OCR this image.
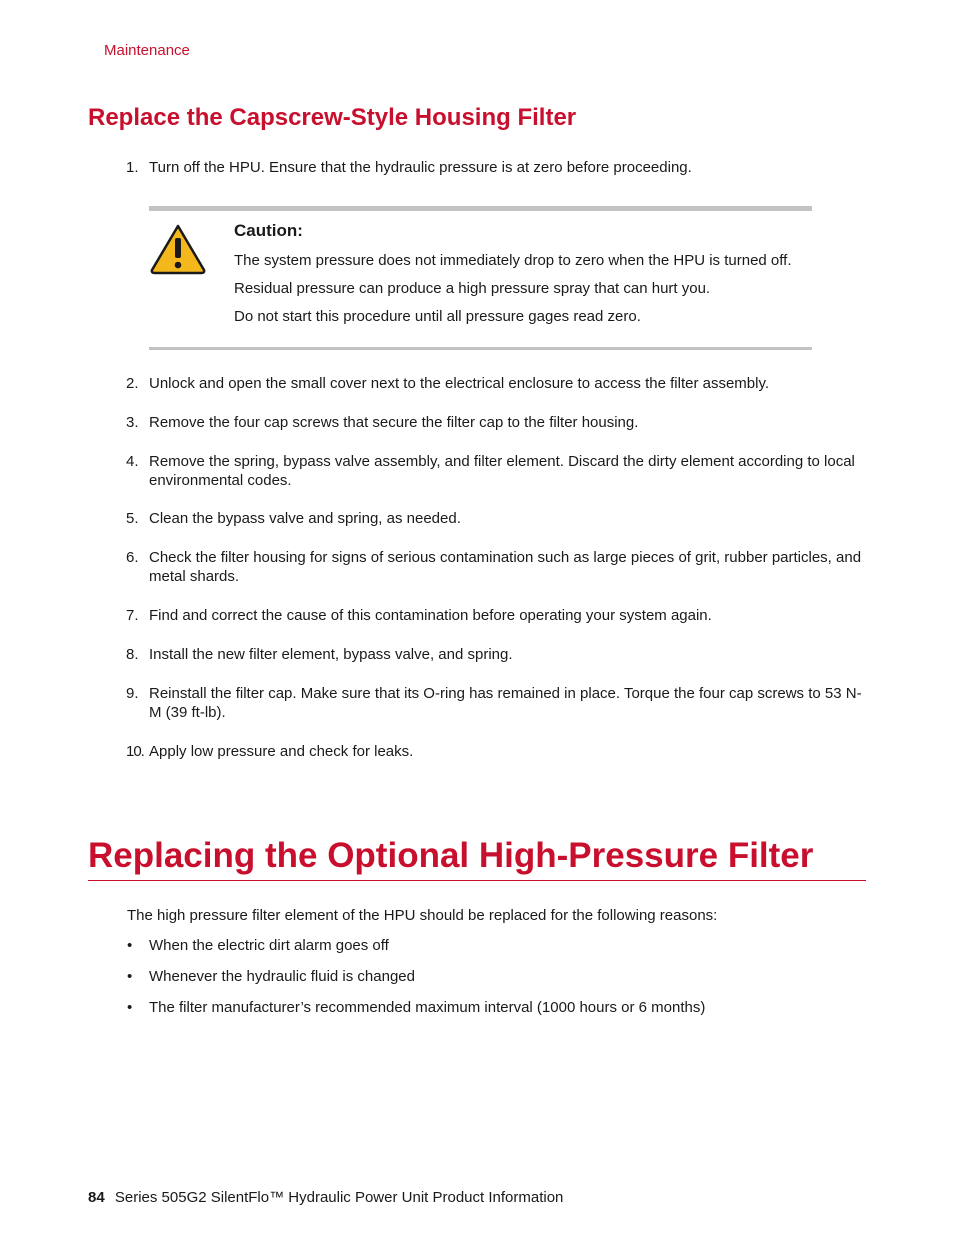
Maintenance
Replace the Capscrew-Style Housing Filter
1. Turn off the HPU. Ensure that the hydraulic pressure is at zero before proceeding.
Caution:
The system pressure does not immediately drop to zero when the HPU is turned off.
Residual pressure can produce a high pressure spray that can hurt you.
Do not start this procedure until all pressure gages read zero.
2. Unlock and open the small cover next to the electrical enclosure to access the filter assembly.
3. Remove the four cap screws that secure the filter cap to the filter housing.
4. Remove the spring, bypass valve assembly, and filter element. Discard the dirty element according to local environmental codes.
5. Clean the bypass valve and spring, as needed.
6. Check the filter housing for signs of serious contamination such as large pieces of grit, rubber particles, and metal shards.
7. Find and correct the cause of this contamination before operating your system again.
8. Install the new filter element, bypass valve, and spring.
9. Reinstall the filter cap. Make sure that its O-ring has remained in place. Torque the four cap screws to 53 N-M (39 ft-lb).
10. Apply low pressure and check for leaks.
Replacing the Optional High-Pressure Filter
The high pressure filter element of the HPU should be replaced for the following reasons:
• When the electric dirt alarm goes off
• Whenever the hydraulic fluid is changed
• The filter manufacturer’s recommended maximum interval (1000 hours or 6 months)
84 Series 505G2 SilentFlo™ Hydraulic Power Unit Product Information
